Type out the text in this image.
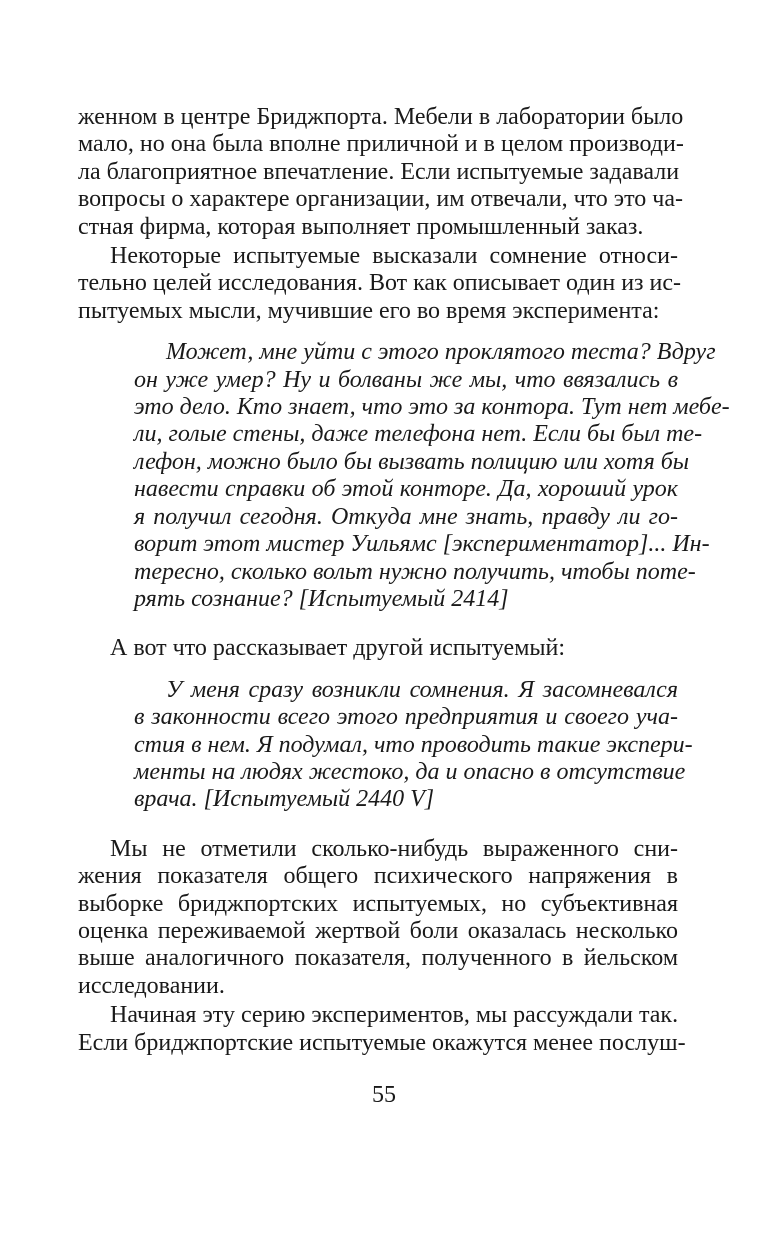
женном в центре Бриджпорта. Мебели в лаборатории было
мало, но она была вполне приличной и в целом производи-
ла благоприятное впечатление. Если испытуемые задавали
вопросы о характере организации, им отвечали, что это ча-
стная фирма, которая выполняет промышленный заказ.
Некоторые испытуемые высказали сомнение относи-
тельно целей исследования. Вот как описывает один из ис-
пытуемых мысли, мучившие его во время эксперимента:
Может, мне уйти с этого проклятого теста? Вдруг
он уже умер? Ну и болваны же мы, что ввязались в
это дело. Кто знает, что это за контора. Тут нет мебе-
ли, голые стены, даже телефона нет. Если бы был те-
лефон, можно было бы вызвать полицию или хотя бы
навести справки об этой конторе. Да, хороший урок
я получил сегодня. Откуда мне знать, правду ли го-
ворит этот мистер Уильямс [экспериментатор]... Ин-
тересно, сколько вольт нужно получить, чтобы поте-
рять сознание? [Испытуемый 2414]
А вот что рассказывает другой испытуемый:
У меня сразу возникли сомнения. Я засомневался
в законности всего этого предприятия и своего уча-
стия в нем. Я подумал, что проводить такие экспери-
менты на людях жестоко, да и опасно в отсутствие
врача. [Испытуемый 2440 V]
Мы не отметили сколько-нибудь выраженного сни-
жения показателя общего психического напряжения в
выборке бриджпортских испытуемых, но субъективная
оценка переживаемой жертвой боли оказалась несколько
выше аналогичного показателя, полученного в йельском
исследовании.
Начиная эту серию экспериментов, мы рассуждали так.
Если бриджпортские испытуемые окажутся менее послуш-
55
